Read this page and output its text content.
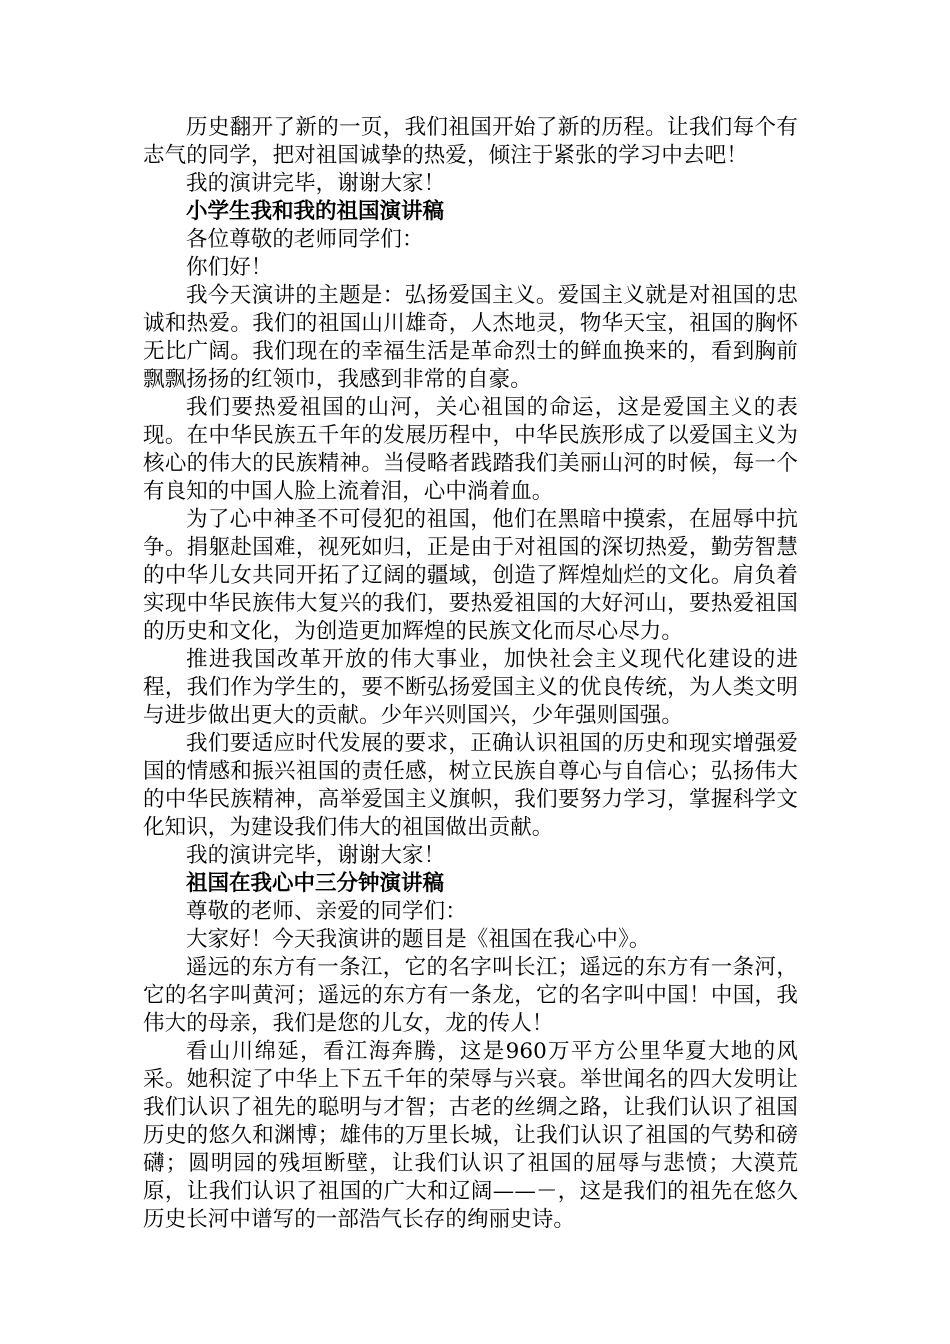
历史翻开了新的一页，我们祖国开始了新的历程。让我们每个有志气的同学，把对祖国诚挚的热爱，倾注于紧张的学习中去吧！

我的演讲完毕，谢谢大家！

小学生我和我的祖国演讲稿

各位尊敬的老师同学们：

你们好！

我今天演讲的主题是：弘扬爱国主义。爱国主义就是对祖国的忠诚和热爱。我们的祖国山川雄奇，人杰地灵，物华天宝，祖国的胸怀无比广阔。我们现在的幸福生活是革命烈士的鲜血换来的，看到胸前飘飘扬扬的红领巾，我感到非常的自豪。

我们要热爱祖国的山河，关心祖国的命运，这是爱国主义的表现。在中华民族五千年的发展历程中，中华民族形成了以爱国主义为核心的伟大的民族精神。当侵略者践踏我们美丽山河的时候，每一个有良知的中国人脸上流着泪，心中淌着血。

为了心中神圣不可侵犯的祖国，他们在黑暗中摸索，在屈辱中抗争。捐躯赴国难，视死如归，正是由于对祖国的深切热爱，勤劳智慧的中华儿女共同开拓了辽阔的疆域，创造了辉煌灿烂的文化。肩负着实现中华民族伟大复兴的我们，要热爱祖国的大好河山，要热爱祖国的历史和文化，为创造更加辉煌的民族文化而尽心尽力。

推进我国改革开放的伟大事业，加快社会主义现代化建设的进程，我们作为学生的，要不断弘扬爱国主义的优良传统，为人类文明与进步做出更大的贡献。少年兴则国兴，少年强则国强。

我们要适应时代发展的要求，正确认识祖国的历史和现实增强爱国的情感和振兴祖国的责任感，树立民族自尊心与自信心；弘扬伟大的中华民族精神，高举爱国主义旗帜，我们要努力学习，掌握科学文化知识，为建设我们伟大的祖国做出贡献。

我的演讲完毕，谢谢大家！

祖国在我心中三分钟演讲稿

尊敬的老师、亲爱的同学们：

大家好！今天我演讲的题目是《祖国在我心中》。

遥远的东方有一条江，它的名字叫长江；遥远的东方有一条河，它的名字叫黄河；遥远的东方有一条龙，它的名字叫中国！中国，我伟大的母亲，我们是您的儿女，龙的传人！

看山川绵延，看江海奔腾，这是960万平方公里华夏大地的风采。她积淀了中华上下五千年的荣辱与兴衰。举世闻名的四大发明让我们认识了祖先的聪明与才智；古老的丝绸之路，让我们认识了祖国历史的悠久和渊博；雄伟的万里长城，让我们认识了祖国的气势和磅礴；圆明园的残垣断壁，让我们认识了祖国的屈辱与悲愤；大漠荒原，让我们认识了祖国的广大和辽阔——－，这是我们的祖先在悠久历史长河中谱写的一部浩气长存的绚丽史诗。
